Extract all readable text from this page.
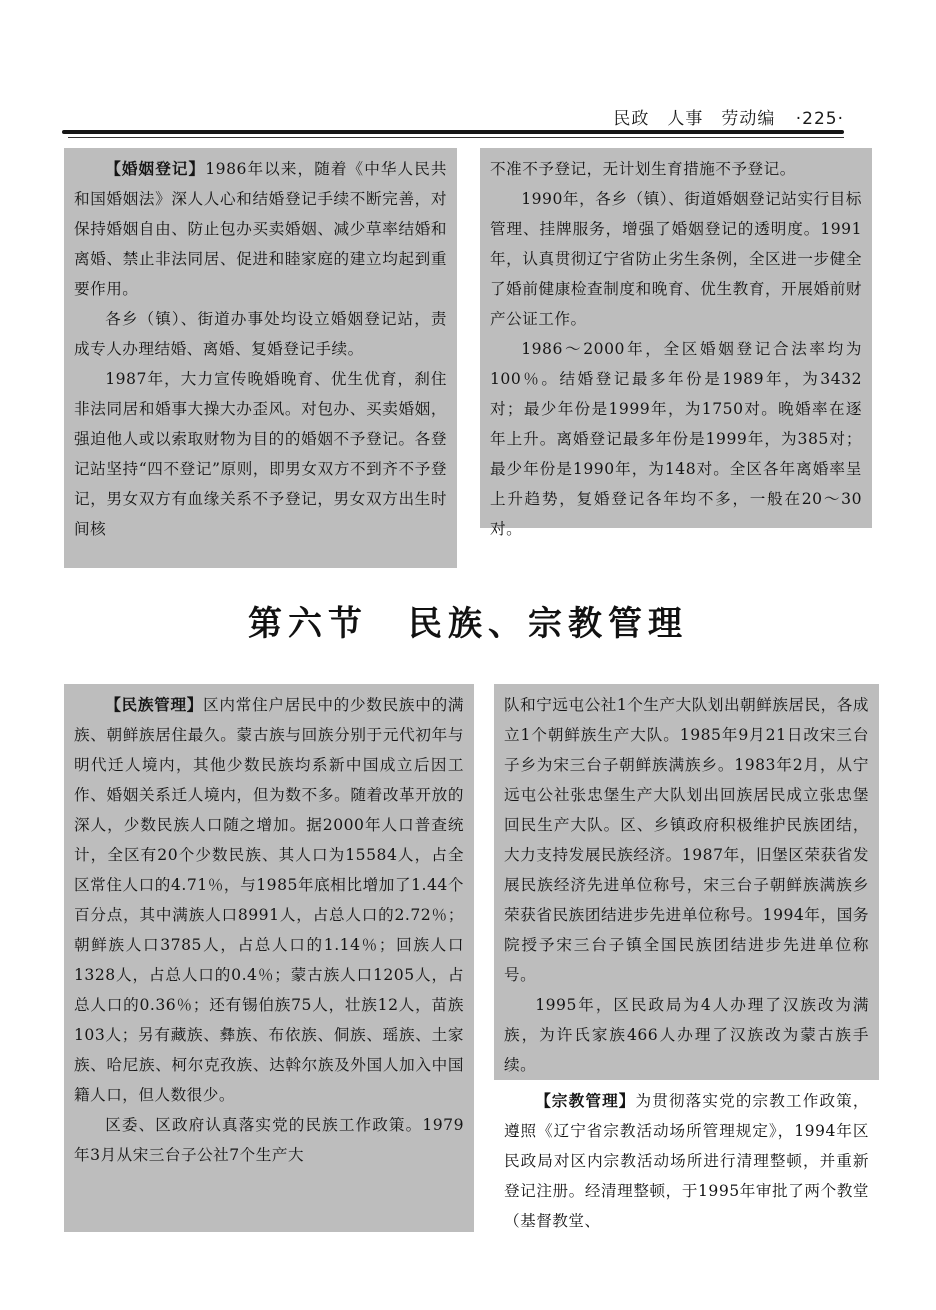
民政　人事　劳动编 ·225·

【婚姻登记】1986年以来，随着《中华人民共和国婚姻法》深人人心和结婚登记手续不断完善，对保持婚姻自由、防止包办买卖婚姻、减少草率结婚和离婚、禁止非法同居、促进和睦家庭的建立均起到重要作用。

各乡（镇）、街道办事处均设立婚姻登记站，责成专人办理结婚、离婚、复婚登记手续。

1987年，大力宣传晚婚晚育、优生优育，刹住非法同居和婚事大操大办歪风。对包办、买卖婚姻，强迫他人或以索取财物为目的的婚姻不予登记。各登记站坚持“四不登记”原则，即男女双方不到齐不予登记，男女双方有血缘关系不予登记，男女双方出生时间核

不准不予登记，无计划生育措施不予登记。

1990年，各乡（镇）、街道婚姻登记站实行目标管理、挂牌服务，增强了婚姻登记的透明度。1991年，认真贯彻辽宁省防止劣生条例，全区进一步健全了婚前健康检查制度和晚育、优生教育，开展婚前财产公证工作。

1986～2000年，全区婚姻登记合法率均为100％。结婚登记最多年份是1989年，为3432对；最少年份是1999年，为1750对。晚婚率在逐年上升。离婚登记最多年份是1999年，为385对；最少年份是1990年，为148对。全区各年离婚率呈上升趋势，复婚登记各年均不多，一般在20～30对。

第六节 民族、宗教管理

【民族管理】区内常住户居民中的少数民族中的满族、朝鲜族居住最久。蒙古族与回族分别于元代初年与明代迁人境内，其他少数民族均系新中国成立后因工作、婚姻关系迁人境内，但为数不多。随着改革开放的深人，少数民族人口随之增加。据2000年人口普查统计，全区有20个少数民族、其人口为15584人，占全区常住人口的4.71％，与1985年底相比增加了1.44个百分点，其中满族人口8991人，占总人口的2.72％；朝鲜族人口3785人，占总人口的1.14％；回族人口1328人，占总人口的0.4％；蒙古族人口1205人，占总人口的0.36％；还有锡伯族75人，壮族12人，苗族103人；另有藏族、彝族、布依族、侗族、瑶族、土家族、哈尼族、柯尔克孜族、达斡尔族及外国人加入中国籍人口，但人数很少。

区委、区政府认真落实党的民族工作政策。1979年3月从宋三台子公社7个生产大

队和宁远屯公社1个生产大队划出朝鲜族居民，各成立1个朝鲜族生产大队。1985年9月21日改宋三台子乡为宋三台子朝鲜族满族乡。1983年2月，从宁远屯公社张忠堡生产大队划出回族居民成立张忠堡回民生产大队。区、乡镇政府积极维护民族团结，大力支持发展民族经济。1987年，旧堡区荣获省发展民族经济先进单位称号，宋三台子朝鲜族满族乡荣获省民族团结进步先进单位称号。1994年，国务院授予宋三台子镇全国民族团结进步先进单位称号。

1995年，区民政局为4人办理了汉族改为满族，为许氏家族466人办理了汉族改为蒙古族手续。

【宗教管理】为贯彻落实党的宗教工作政策，遵照《辽宁省宗教活动场所管理规定》，1994年区民政局对区内宗教活动场所进行清理整顿，并重新登记注册。经清理整顿，于1995年审批了两个教堂（基督教堂、
